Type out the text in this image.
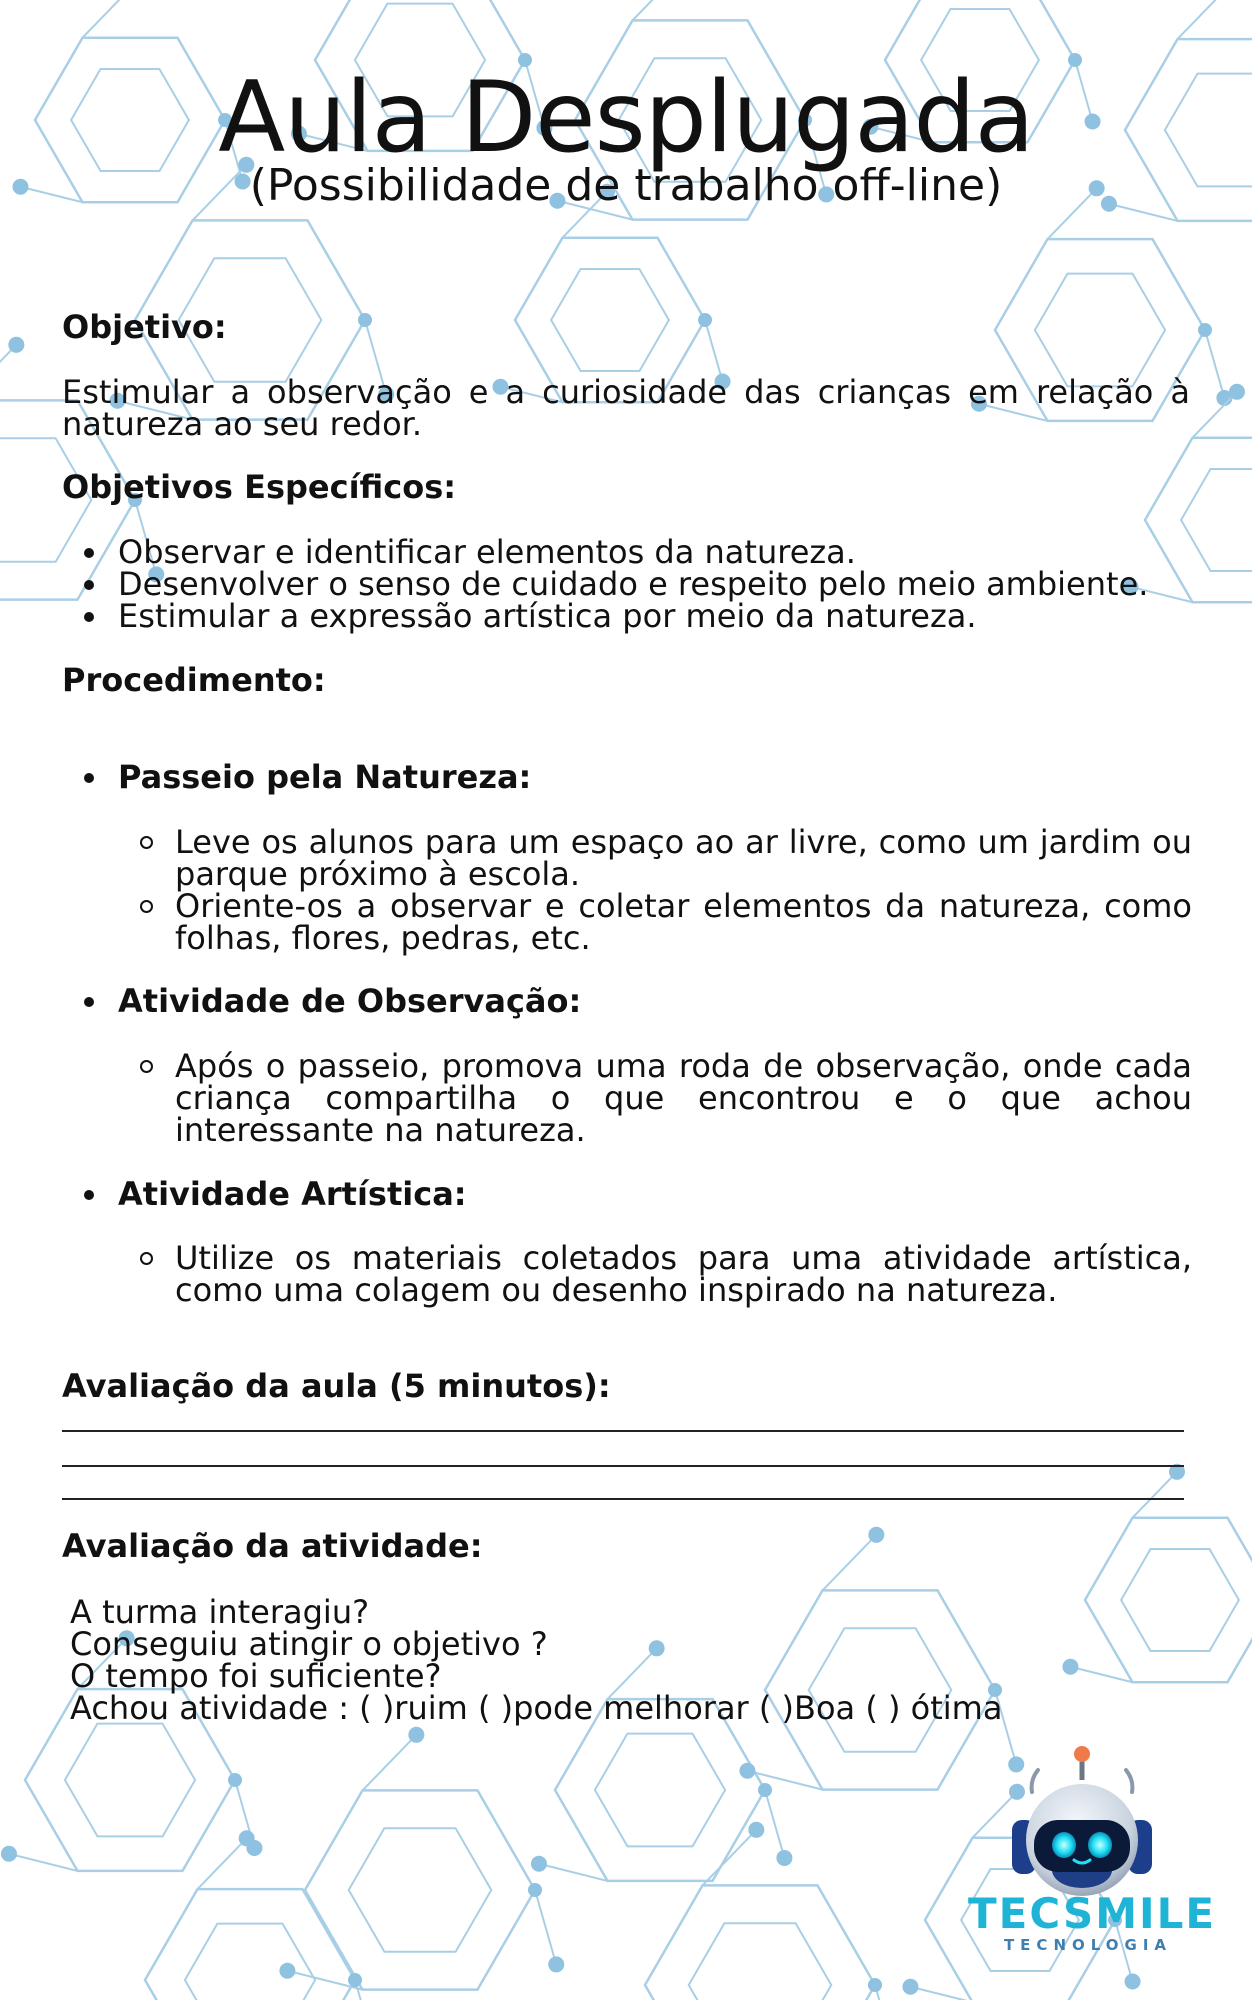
Aula Desplugada
(Possibilidade de trabalho off-line)
Objetivo:
Estimular a observação e a curiosidade das crianças em relação à natureza ao seu redor.
Objetivos Específicos:
Observar e identificar elementos da natureza.
Desenvolver o senso de cuidado e respeito pelo meio ambiente.
Estimular a expressão artística por meio da natureza.
Procedimento:
Passeio pela Natureza:
Leve os alunos para um espaço ao ar livre, como um jardim ou parque próximo à escola.
Oriente-os a observar e coletar elementos da natureza, como folhas, flores, pedras, etc.
Atividade de Observação:
Após o passeio, promova uma roda de observação, onde cada criança compartilha o que encontrou e o que achou interessante na natureza.
Atividade Artística:
Utilize os materiais coletados para uma atividade artística, como uma colagem ou desenho inspirado na natureza.
Avaliação da aula (5 minutos):
Avaliação da atividade:
A turma interagiu?
Conseguiu atingir o objetivo ?
O tempo foi suficiente?
Achou atividade : ( )ruim ( )pode melhorar ( )Boa ( ) ótima
TECSMILE
TECNOLOGIA
